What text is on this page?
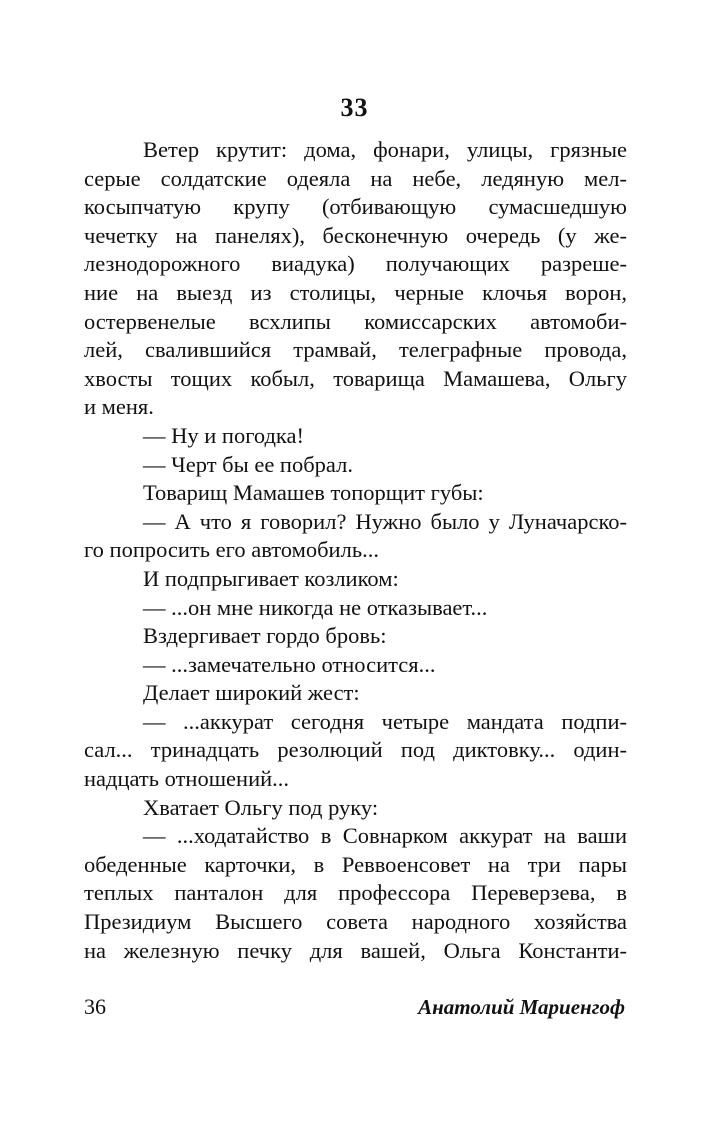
33
Ветер крутит: дома, фонари, улицы, грязные
серые солдатские одеяла на небе, ледяную мел-
косыпчатую крупу (отбивающую сумасшедшую
чечетку на панелях), бесконечную очередь (у же-
лезнодорожного виадука) получающих разреше-
ние на выезд из столицы, черные клочья ворон,
остервенелые всхлипы комиссарских автомоби-
лей, свалившийся трамвай, телеграфные провода,
хвосты тощих кобыл, товарища Мамашева, Ольгу
и меня.
— Ну и погодка!
— Черт бы ее побрал.
Товарищ Мамашев топорщит губы:
— А что я говорил? Нужно было у Луначарско-
го попросить его автомобиль...
И подпрыгивает козликом:
— ...он мне никогда не отказывает...
Вздергивает гордо бровь:
— ...замечательно относится...
Делает широкий жест:
— ...аккурат сегодня четыре мандата подпи-
сал... тринадцать резолюций под диктовку... один-
надцать отношений...
Хватает Ольгу под руку:
— ...ходатайство в Совнарком аккурат на ваши
обеденные карточки, в Реввоенсовет на три пары
теплых панталон для профессора Переверзева, в
Президиум Высшего совета народного хозяйства
на железную печку для вашей, Ольга Константи-
36	Анатолий Мариенгоф
